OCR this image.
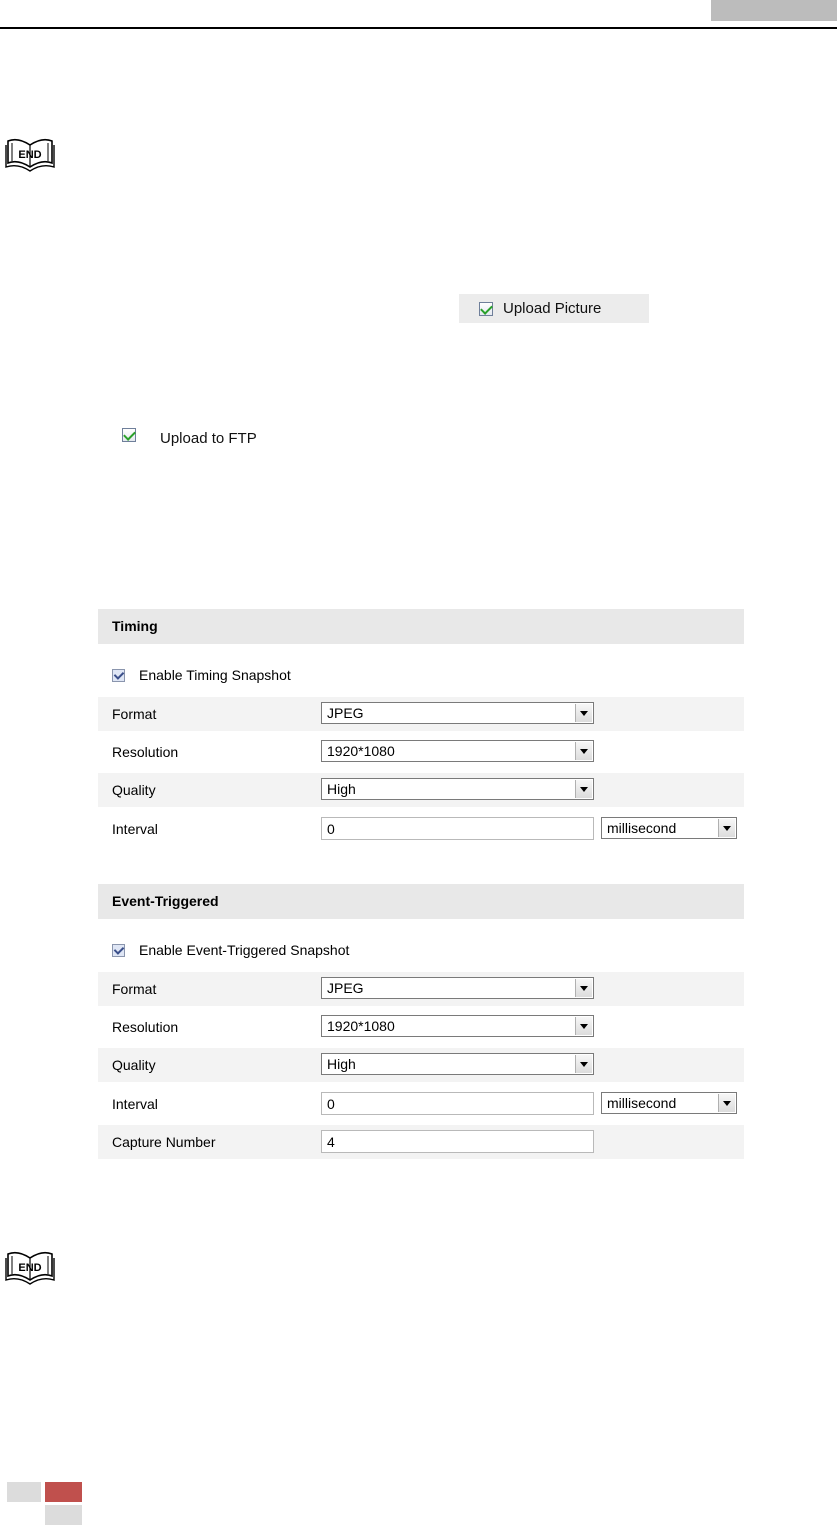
END
Upload Picture
Upload to FTP
Timing
Enable Timing Snapshot
Format	JPEG
Resolution	1920*1080
Quality	High
Interval	0	millisecond
Event-Triggered
Enable Event-Triggered Snapshot
Format	JPEG
Resolution	1920*1080
Quality	High
Interval	0	millisecond
Capture Number	4
END
